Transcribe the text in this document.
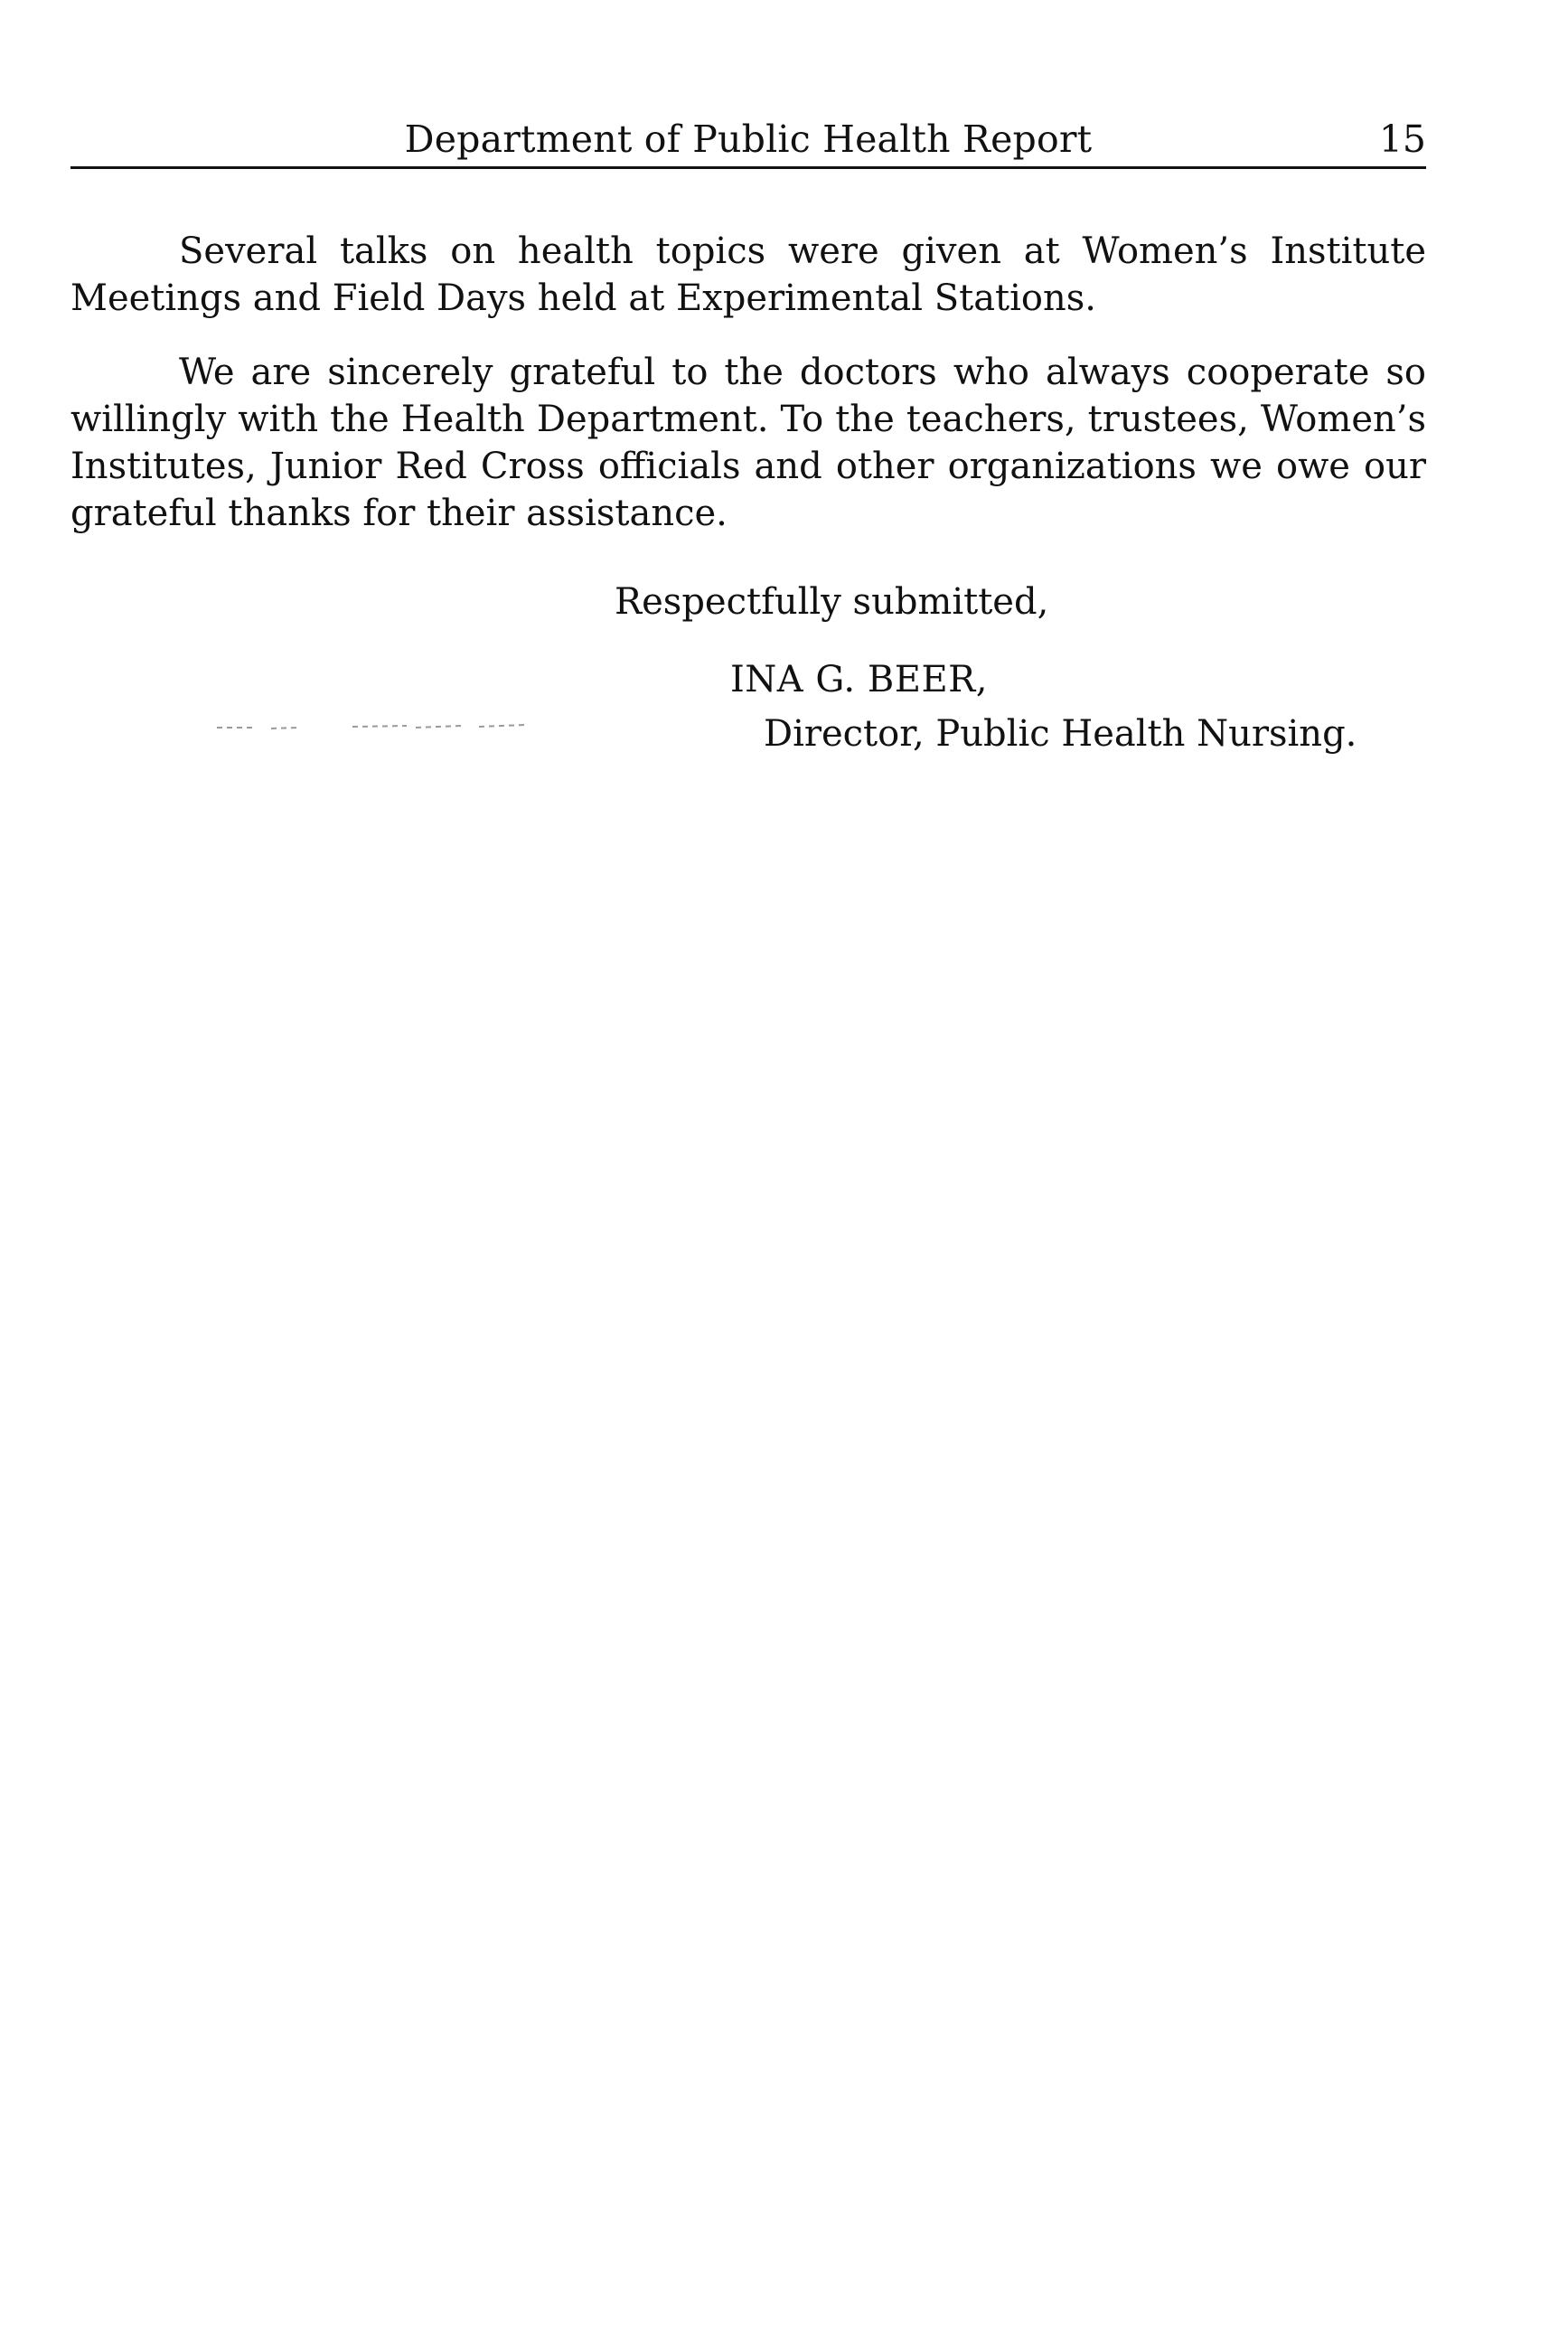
Department of Public Health Report	15

Several talks on health topics were given at Women’s Institute Meetings and Field Days held at Experimental Stations.

We are sincerely grateful to the doctors who always cooperate so willingly with the Health Department. To the teachers, trustees, Women’s Institutes, Junior Red Cross officials and other organizations we owe our grateful thanks for their assistance.

Respectfully submitted,
INA G. BEER,
Director, Public Health Nursing.
